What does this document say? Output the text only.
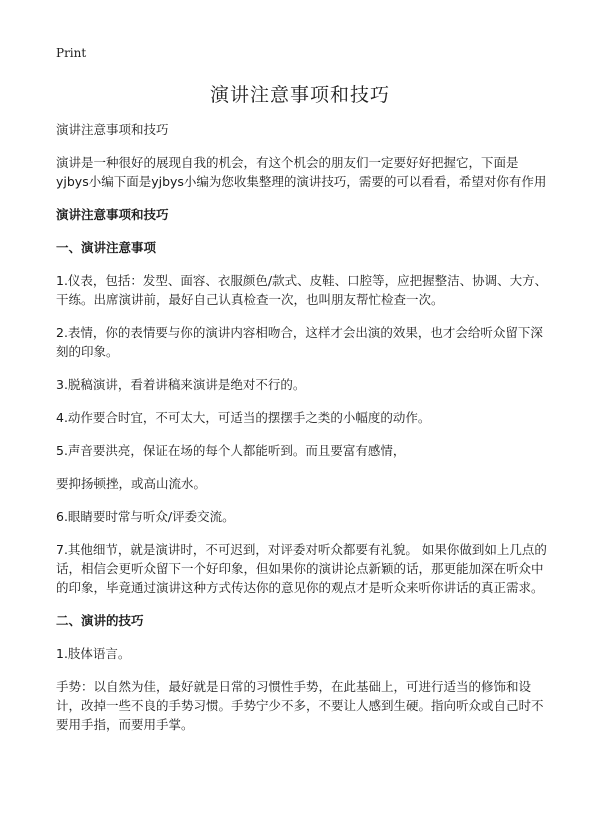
Print
演讲注意事项和技巧

演讲注意事项和技巧

演讲是一种很好的展现自我的机会，有这个机会的朋友们一定要好好把握它，下面是yjbys小编下面是yjbys小编为您收集整理的演讲技巧，需要的可以看看，希望对你有作用

演讲注意事项和技巧

一、演讲注意事项

1.仪表，包括：发型、面容、衣服颜色/款式、皮鞋、口腔等，应把握整洁、协调、大方、干练。出席演讲前，最好自己认真检查一次，也叫朋友帮忙检查一次。

2.表情，你的表情要与你的演讲内容相吻合，这样才会出演的效果，也才会给听众留下深刻的印象。

3.脱稿演讲，看着讲稿来演讲是绝对不行的。

4.动作要合时宜，不可太大，可适当的摆摆手之类的小幅度的动作。

5.声音要洪亮，保证在场的每个人都能听到。而且要富有感情，

要抑扬顿挫，或高山流水。

6.眼睛要时常与听众/评委交流。

7.其他细节，就是演讲时，不可迟到，对评委对听众都要有礼貌。 如果你做到如上几点的话，相信会更听众留下一个好印象，但如果你的演讲论点新颖的话，那更能加深在听众中的印象，毕竟通过演讲这种方式传达你的意见你的观点才是听众来听你讲话的真正需求。

二、演讲的技巧

1.肢体语言。

手势：以自然为佳，最好就是日常的习惯性手势，在此基础上，可进行适当的修饰和设计，改掉一些不良的手势习惯。手势宁少不多，不要让人感到生硬。指向听众或自己时不要用手指，而要用手掌。
